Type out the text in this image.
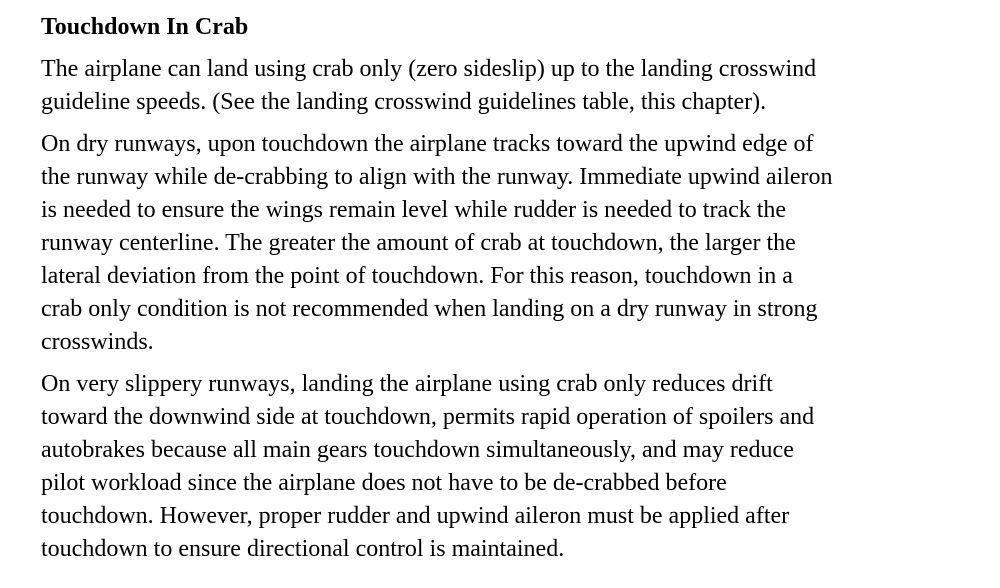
Touchdown In Crab
The airplane can land using crab only (zero sideslip) up to the landing crosswind
guideline speeds. (See the landing crosswind guidelines table, this chapter).
On dry runways, upon touchdown the airplane tracks toward the upwind edge of
the runway while de-crabbing to align with the runway. Immediate upwind aileron
is needed to ensure the wings remain level while rudder is needed to track the
runway centerline. The greater the amount of crab at touchdown, the larger the
lateral deviation from the point of touchdown. For this reason, touchdown in a
crab only condition is not recommended when landing on a dry runway in strong
crosswinds.
On very slippery runways, landing the airplane using crab only reduces drift
toward the downwind side at touchdown, permits rapid operation of spoilers and
autobrakes because all main gears touchdown simultaneously, and may reduce
pilot workload since the airplane does not have to be de-crabbed before
touchdown. However, proper rudder and upwind aileron must be applied after
touchdown to ensure directional control is maintained.
